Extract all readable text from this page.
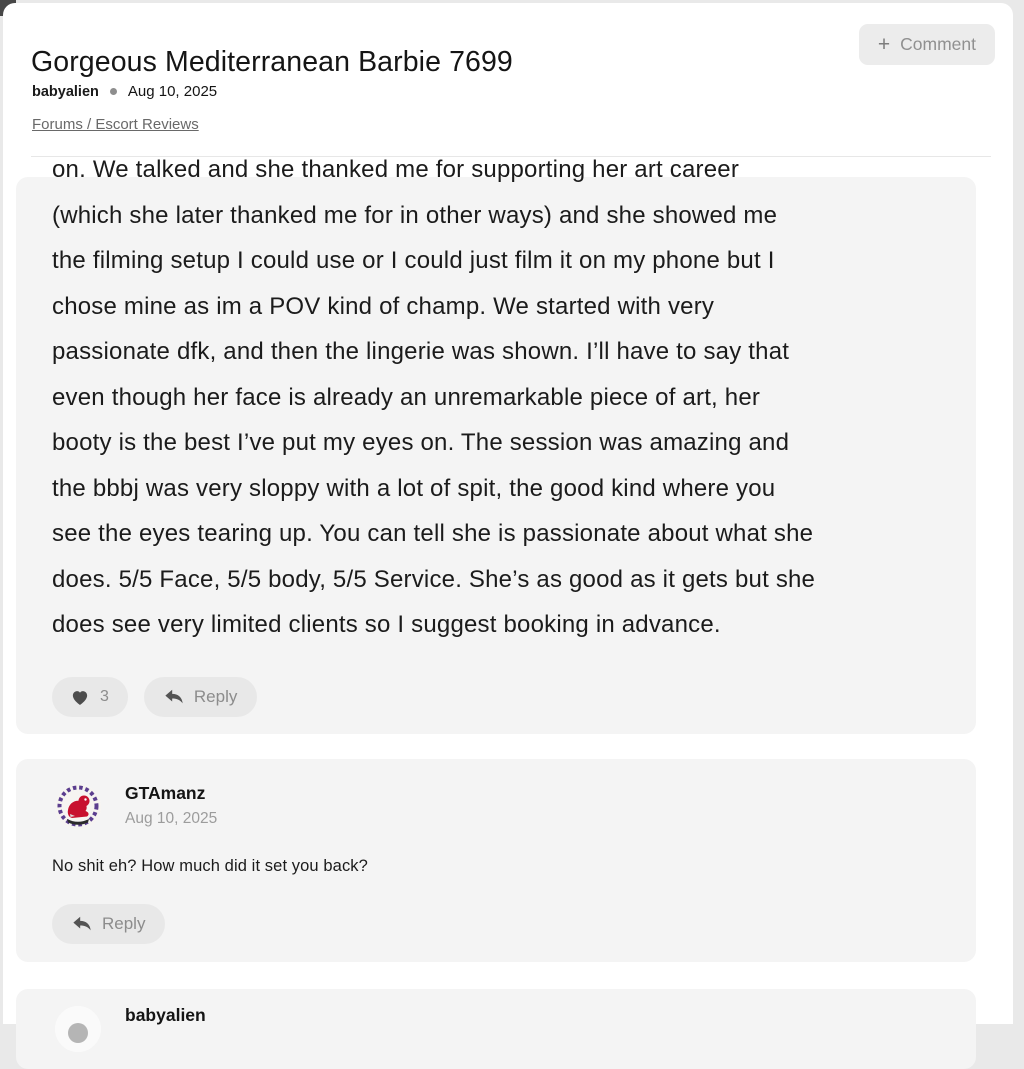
Gorgeous Mediterranean Barbie 7699
+ Comment
babyalien Aug 10, 2025
Forums / Escort Reviews
on. We talked and she thanked me for supporting her art career
(which she later thanked me for in other ways) and she showed me
the filming setup I could use or I could just film it on my phone but I
chose mine as im a POV kind of champ. We started with very
passionate dfk, and then the lingerie was shown. I’ll have to say that
even though her face is already an unremarkable piece of art, her
booty is the best I’ve put my eyes on. The session was amazing and
the bbbj was very sloppy with a lot of spit, the good kind where you
see the eyes tearing up. You can tell she is passionate about what she
does. 5/5 Face, 5/5 body, 5/5 Service. She’s as good as it gets but she
does see very limited clients so I suggest booking in advance.
3	Reply
GTAmanz
Aug 10, 2025
No shit eh? How much did it set you back?
Reply
babyalien
